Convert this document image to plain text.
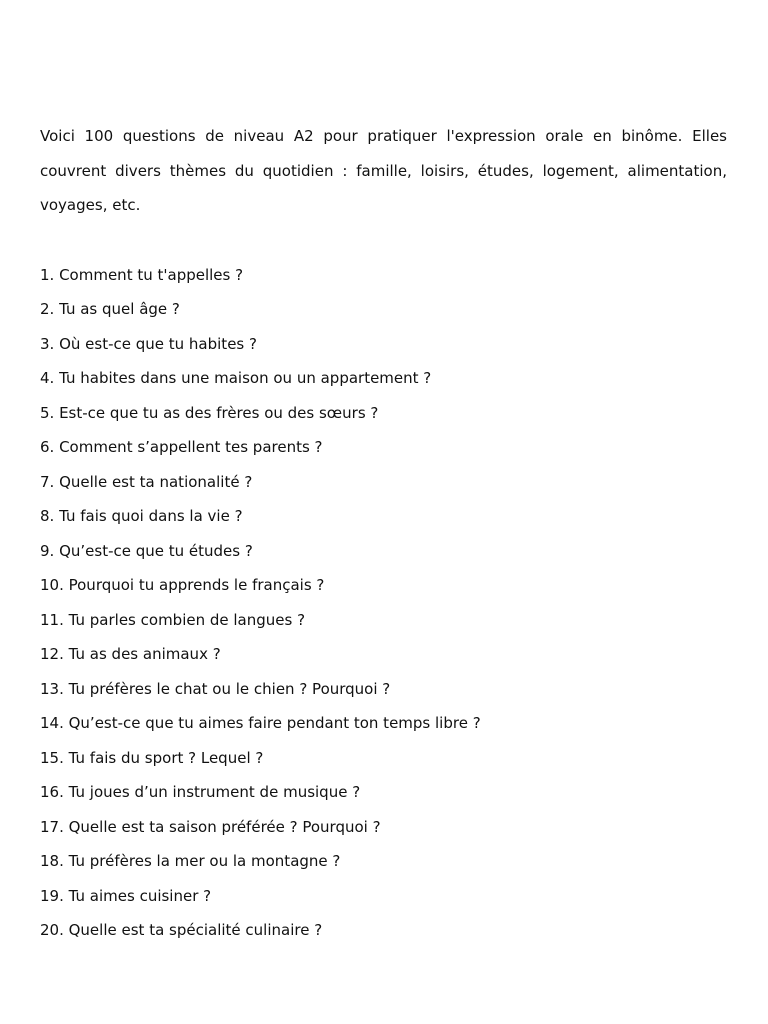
Voici 100 questions de niveau A2 pour pratiquer l'expression orale en binôme. Elles couvrent divers thèmes du quotidien : famille, loisirs, études, logement, alimentation, voyages, etc.

1. Comment tu t'appelles ?
2. Tu as quel âge ?
3. Où est-ce que tu habites ?
4. Tu habites dans une maison ou un appartement ?
5. Est-ce que tu as des frères ou des sœurs ?
6. Comment s’appellent tes parents ?
7. Quelle est ta nationalité ?
8. Tu fais quoi dans la vie ?
9. Qu’est-ce que tu études ?
10. Pourquoi tu apprends le français ?
11. Tu parles combien de langues ?
12. Tu as des animaux ?
13. Tu préfères le chat ou le chien ? Pourquoi ?
14. Qu’est-ce que tu aimes faire pendant ton temps libre ?
15. Tu fais du sport ? Lequel ?
16. Tu joues d’un instrument de musique ?
17. Quelle est ta saison préférée ? Pourquoi ?
18. Tu préfères la mer ou la montagne ?
19. Tu aimes cuisiner ?
20. Quelle est ta spécialité culinaire ?
